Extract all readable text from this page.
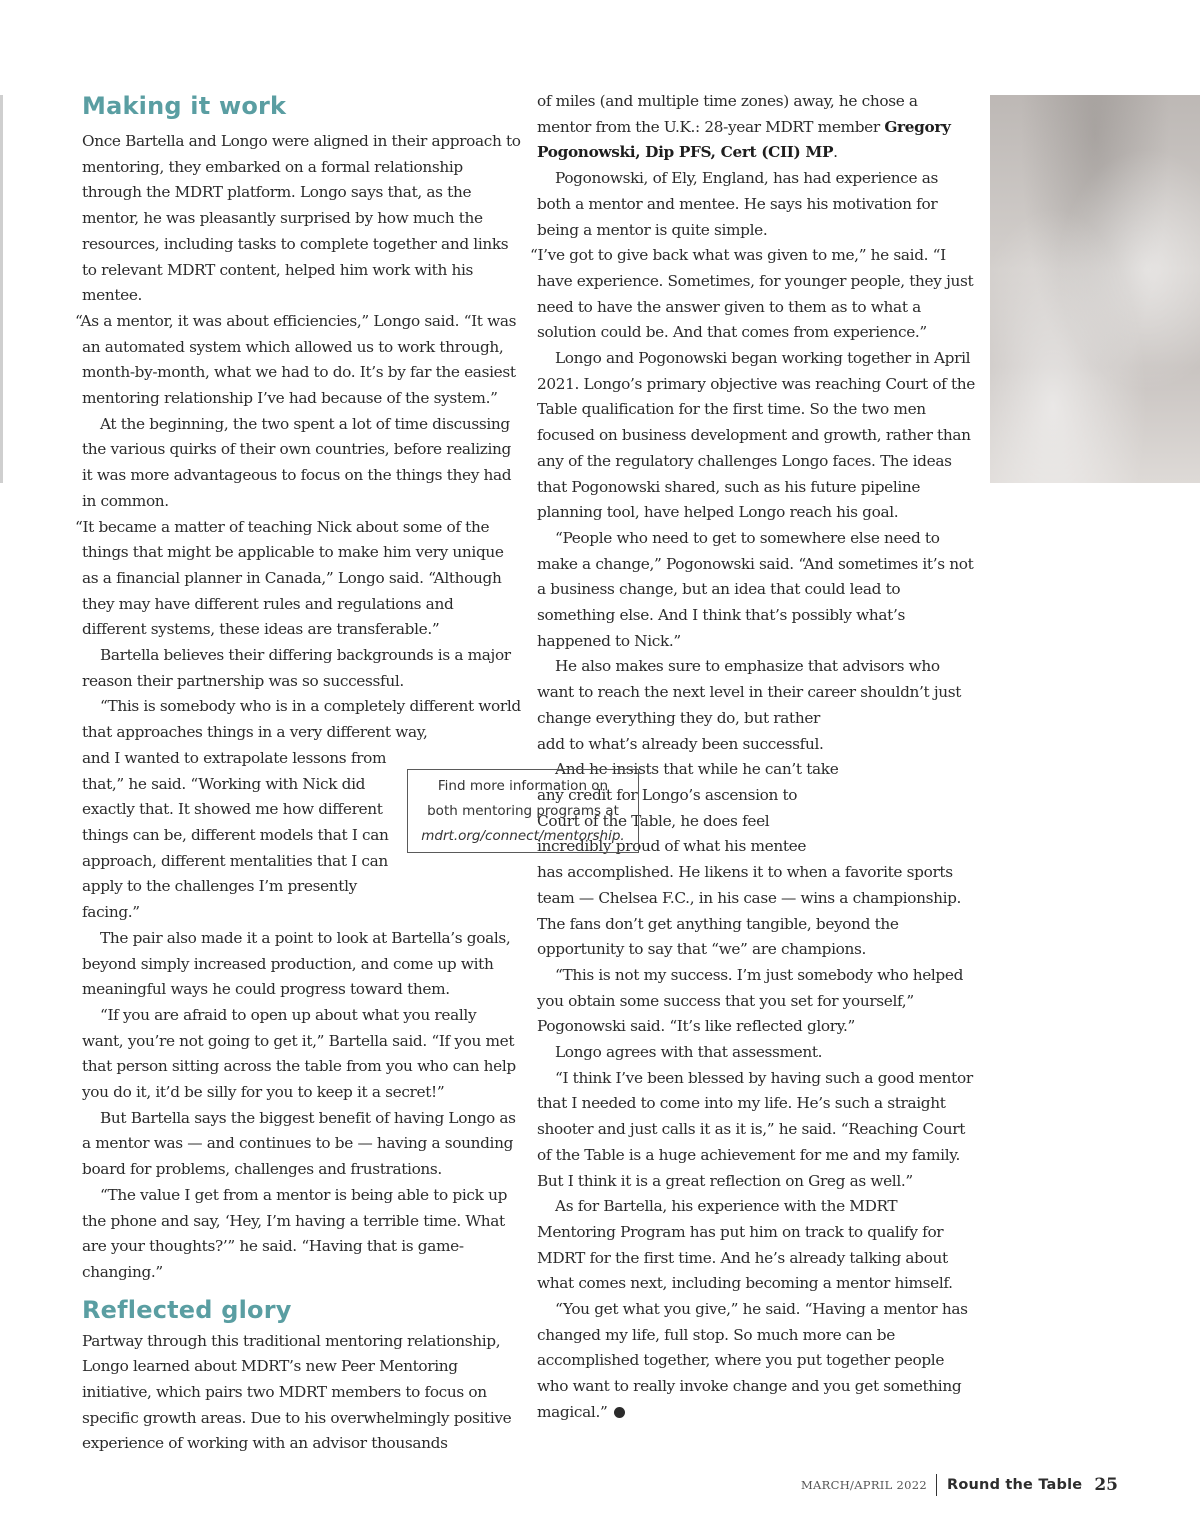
Making it work

Once Bartella and Longo were aligned in their approach to mentoring, they embarked on a formal relationship through the MDRT platform. Longo says that, as the mentor, he was pleasantly surprised by how much the resources, including tasks to complete together and links to relevant MDRT content, helped him work with his mentee.

“As a mentor, it was about efficiencies,” Longo said. “It was an automated system which allowed us to work through, month-by-month, what we had to do. It’s by far the easiest mentoring relationship I’ve had because of the system.”

At the beginning, the two spent a lot of time discussing the various quirks of their own countries, before realizing it was more advantageous to focus on the things they had in common.

“It became a matter of teaching Nick about some of the things that might be applicable to make him very unique as a financial planner in Canada,” Longo said. “Although they may have different rules and regulations and different systems, these ideas are transferable.”

Bartella believes their differing backgrounds is a major reason their partnership was so successful.

“This is somebody who is in a completely different world that approaches things in a very different way,

and I wanted to extrapolate lessons from that,” he said. “Working with Nick did exactly that. It showed me how different things can be, different models that I can approach, different mentalities that I can apply to the challenges I’m presently facing.”

The pair also made it a point to look at Bartella’s goals, beyond simply increased production, and come up with meaningful ways he could progress toward them.

“If you are afraid to open up about what you really want, you’re not going to get it,” Bartella said. “If you met that person sitting across the table from you who can help you do it, it’d be silly for you to keep it a secret!”

But Bartella says the biggest benefit of having Longo as a mentor was — and continues to be — having a sounding board for problems, challenges and frustrations.

“The value I get from a mentor is being able to pick up the phone and say, ‘Hey, I’m having a terrible time. What are your thoughts?’” he said. “Having that is game-changing.”

Reflected glory

Partway through this traditional mentoring relationship, Longo learned about MDRT’s new Peer Mentoring initiative, which pairs two MDRT members to focus on specific growth areas. Due to his overwhelmingly positive experience of working with an advisor thousands

of miles (and multiple time zones) away, he chose a mentor from the U.K.: 28-year MDRT member Gregory Pogonowski, Dip PFS, Cert (CII) MP.

Pogonowski, of Ely, England, has had experience as both a mentor and mentee. He says his motivation for being a mentor is quite simple.

“I’ve got to give back what was given to me,” he said. “I have experience. Sometimes, for younger people, they just need to have the answer given to them as to what a solution could be. And that comes from experience.”

Longo and Pogonowski began working together in April 2021. Longo’s primary objective was reaching Court of the Table qualification for the first time. So the two men focused on business development and growth, rather than any of the regulatory challenges Longo faces. The ideas that Pogonowski shared, such as his future pipeline planning tool, have helped Longo reach his goal.

“People who need to get to somewhere else need to make a change,” Pogonowski said. “And sometimes it’s not a business change, but an idea that could lead to something else. And I think that’s possibly what’s happened to Nick.”

He also makes sure to emphasize that advisors who want to reach the next level in their career shouldn’t just

change everything they do, but rather add to what’s already been successful.

And he insists that while he can’t take any credit for Longo’s ascension to Court of the Table, he does feel incredibly proud of what his mentee

has accomplished. He likens it to when a favorite sports team — Chelsea F.C., in his case — wins a championship. The fans don’t get anything tangible, beyond the opportunity to say that “we” are champions.

“This is not my success. I’m just somebody who helped you obtain some success that you set for yourself,” Pogonowski said. “It’s like reflected glory.”

Longo agrees with that assessment.

“I think I’ve been blessed by having such a good mentor that I needed to come into my life. He’s such a straight shooter and just calls it as it is,” he said. “Reaching Court of the Table is a huge achievement for me and my family. But I think it is a great reflection on Greg as well.”

As for Bartella, his experience with the MDRT Mentoring Program has put him on track to qualify for MDRT for the first time. And he’s already talking about what comes next, including becoming a mentor himself.

“You get what you give,” he said. “Having a mentor has changed my life, full stop. So much more can be accomplished together, where you put together people who want to really invoke change and you get something magical.”

Find more information on
both mentoring programs at
mdrt.org/connect/mentorship.
MARCH/APRIL 2022 Round the Table 25
